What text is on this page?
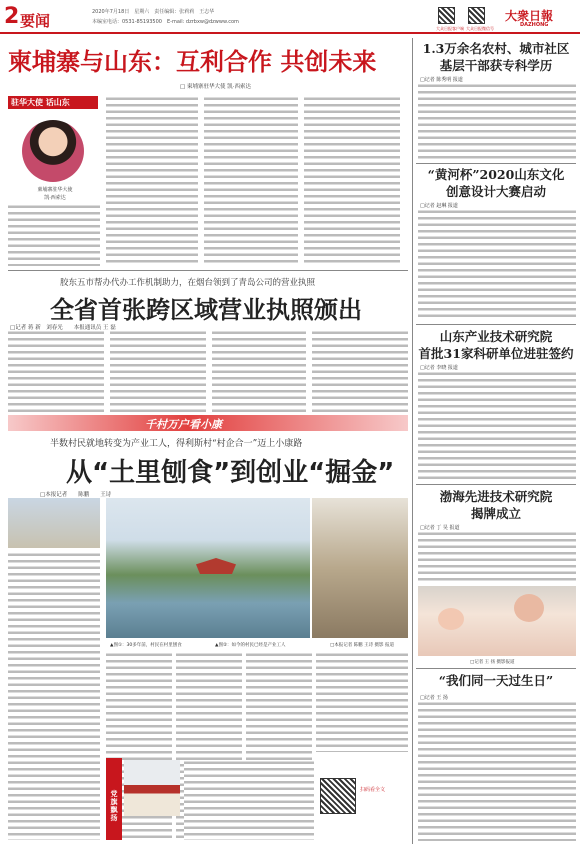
2 要闻	2020年7月18日　星期六　责任编辑：张莉莉　王志华
本编室电话：0531-85193500　E-mail: dzrbxw@dzwww.com
大众日报客户端 大众日报微信号
大衆日報
DAZHONG
柬埔寨与山东：互利合作 共创未来
□ 柬埔寨驻华大使 凯·西索达
驻华大使 话山东
柬埔寨驻华大使
凯·西索达
胶东五市帮办代办工作机制助力，在烟台领到了青岛公司的营业执照
全省首张跨区域营业执照颁出
□记者 蒋 新　刘春光　　本报通讯员 王 磊
千村万户看小康
半数村民就地转变为产业工人，得利斯村“村企合一”迈上小康路
从“土里刨食”到创业“掘金”
□本报记者　　陈鹏　　王诗
▲图①：30多年前，村民在村里刨食	▲图②：如今的村民已经是产业工人	□本报记者 陈鹏 王诗 摄影 报道
党旗飘扬
扫码看全文
1.3万余名农村、城市社区
基层干部获专科学历
□记者 陈秀明 报道
“黄河杯”2020山东文化
创意设计大赛启动
□记者 赵琳 报道
山东产业技术研究院
首批31家科研单位进驻签约
□记者 李晓 报道
渤海先进技术研究院
揭牌成立
□记者 丁 昊 报道
□记者 王 扬 摄影报道
“我们同一天过生日”
□记者 王 扬
